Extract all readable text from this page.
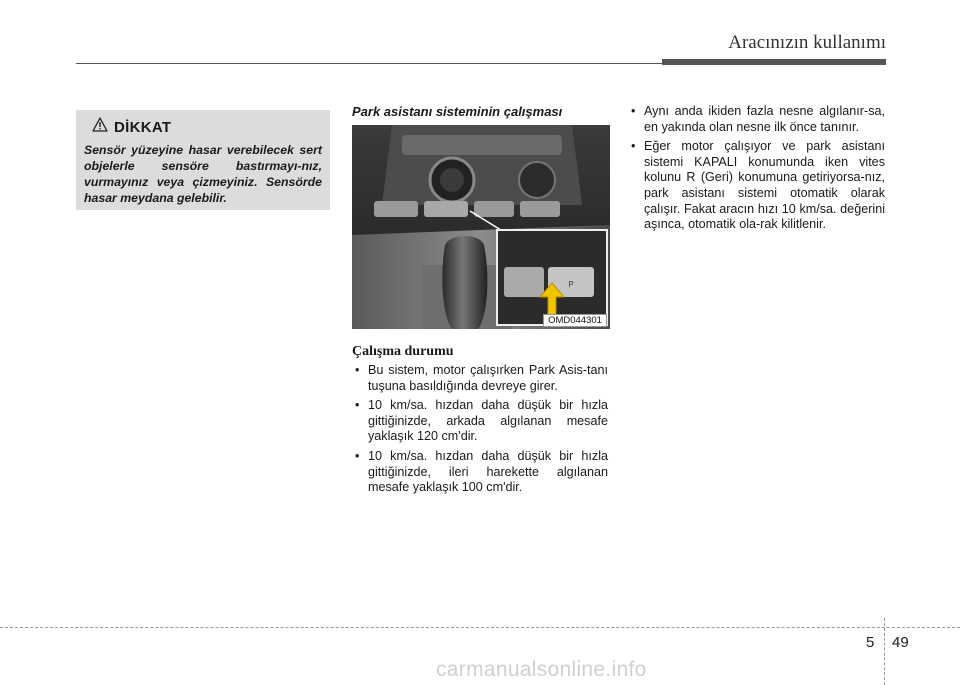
Aracınızın kullanımı
DİKKAT
Sensör yüzeyine hasar verebilecek sert objelerle sensöre bastırmayı-nız, vurmayınız veya çizmeyiniz. Sensörde hasar meydana gelebilir.
Park asistanı sisteminin çalışması
P
OMD044301
Çalışma durumu
• Bu sistem, motor çalışırken Park Asis-tanı tuşuna basıldığında devreye girer.
• 10 km/sa. hızdan daha düşük bir hızla gittiğinizde, arkada algılanan mesafe yaklaşık 120 cm'dir.
• 10 km/sa. hızdan daha düşük bir hızla gittiğinizde, ileri harekette algılanan mesafe yaklaşık 100 cm'dir.
• Aynı anda ikiden fazla nesne algılanır-sa, en yakında olan nesne ilk önce tanınır.
• Eğer motor çalışıyor ve park asistanı sistemi KAPALI konumunda iken vites kolunu R (Geri) konumuna getiriyorsa-nız, park asistanı sistemi otomatik olarak çalışır. Fakat aracın hızı 10 km/sa. değerini aşınca, otomatik ola-rak kilitlenir.
5 49
carmanualsonline.info
